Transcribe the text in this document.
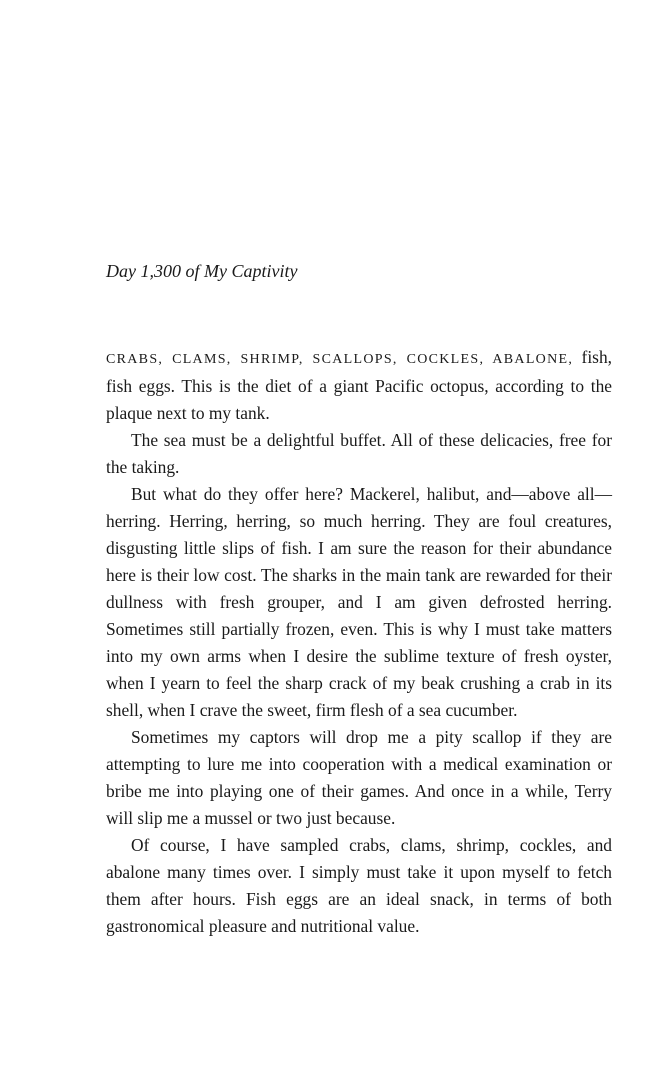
Day 1,300 of My Captivity

CRABS, CLAMS, SHRIMP, SCALLOPS, COCKLES, ABALONE, fish, fish eggs. This is the diet of a giant Pacific octopus, according to the plaque next to my tank.

The sea must be a delightful buffet. All of these delicacies, free for the taking.

But what do they offer here? Mackerel, halibut, and—above all—herring. Herring, herring, so much herring. They are foul creatures, disgusting little slips of fish. I am sure the reason for their abundance here is their low cost. The sharks in the main tank are rewarded for their dullness with fresh grouper, and I am given defrosted herring. Sometimes still partially frozen, even. This is why I must take matters into my own arms when I desire the sublime texture of fresh oyster, when I yearn to feel the sharp crack of my beak crushing a crab in its shell, when I crave the sweet, firm flesh of a sea cucumber.

Sometimes my captors will drop me a pity scallop if they are attempting to lure me into cooperation with a medical examination or bribe me into playing one of their games. And once in a while, Terry will slip me a mussel or two just because.

Of course, I have sampled crabs, clams, shrimp, cockles, and abalone many times over. I simply must take it upon myself to fetch them after hours. Fish eggs are an ideal snack, in terms of both gastronomical pleasure and nutritional value.
